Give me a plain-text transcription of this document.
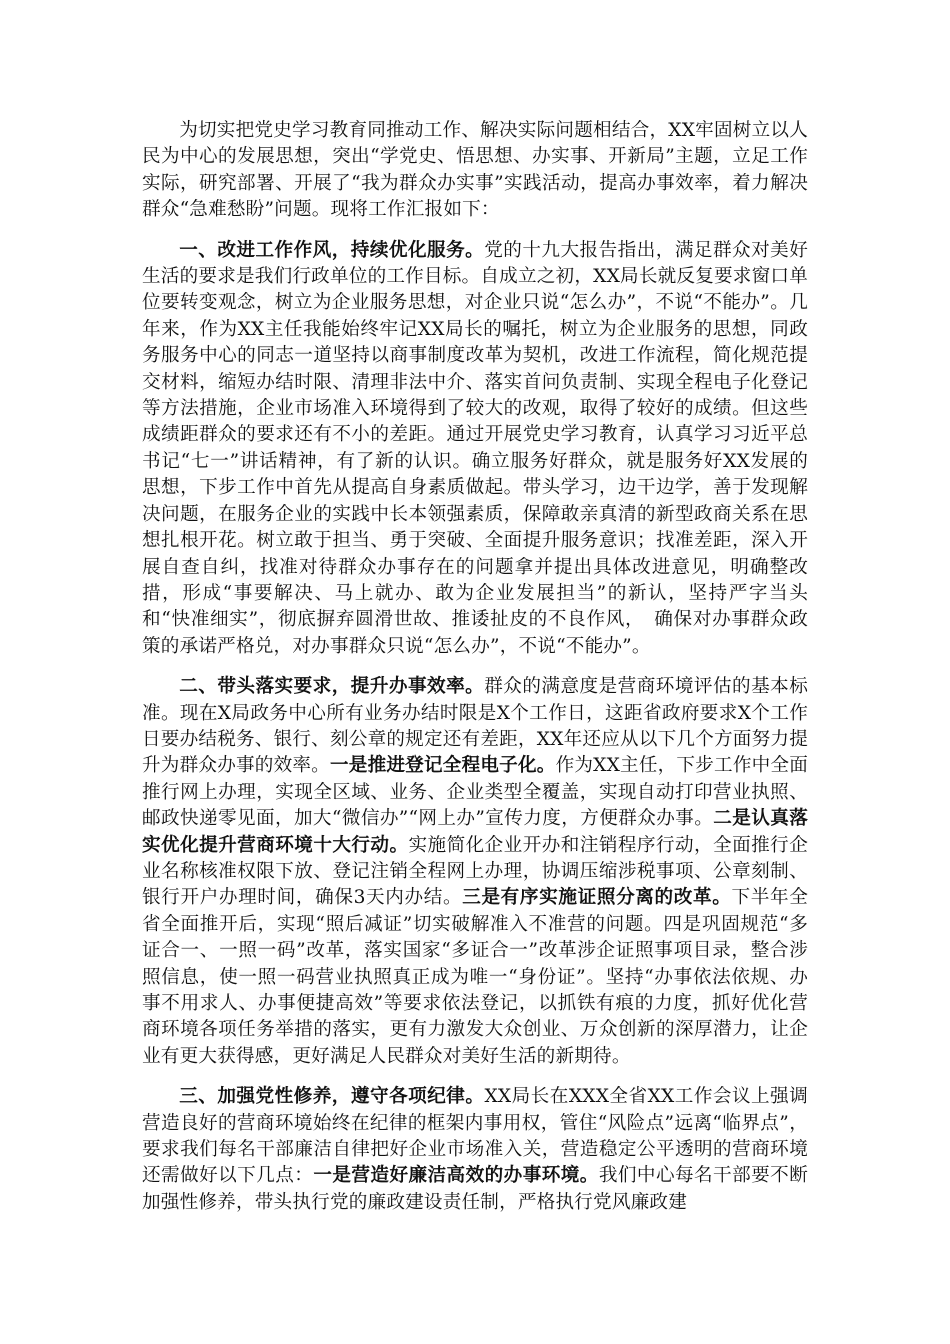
为切实把党史学习教育同推动工作、解决实际问题相结合，XX牢固树立以人民为中心的发展思想，突出“学党史、悟思想、办实事、开新局”主题，立足工作实际，研究部署、开展了“我为群众办实事”实践活动，提高办事效率，着力解决群众“急难愁盼”问题。现将工作汇报如下：

一、改进工作作风，持续优化服务。党的十九大报告指出，满足群众对美好生活的要求是我们行政单位的工作目标。自成立之初，XX局长就反复要求窗口单位要转变观念，树立为企业服务思想，对企业只说“怎么办”，不说“不能办”。几年来，作为XX主任我能始终牢记XX局长的嘱托，树立为企业服务的思想，同政务服务中心的同志一道坚持以商事制度改革为契机，改进工作流程，简化规范提交材料，缩短办结时限、清理非法中介、落实首问负责制、实现全程电子化登记等方法措施，企业市场准入环境得到了较大的改观，取得了较好的成绩。但这些成绩距群众的要求还有不小的差距。通过开展党史学习教育，认真学习习近平总书记“七一”讲话精神，有了新的认识。确立服务好群众，就是服务好XX发展的思想，下步工作中首先从提高自身素质做起。带头学习，边干边学，善于发现解决问题，在服务企业的实践中长本领强素质，保障敢亲真清的新型政商关系在思想扎根开花。树立敢于担当、勇于突破、全面提升服务意识；找准差距，深入开展自查自纠，找准对待群众办事存在的问题拿并提出具体改进意见，明确整改措，形成“事要解决、马上就办、敢为企业发展担当”的新认，坚持严字当头和“快准细实”，彻底摒弃圆滑世故、推诿扯皮的不良作风，　确保对办事群众政策的承诺严格兑，对办事群众只说“怎么办”，不说“不能办”。

二、带头落实要求，提升办事效率。群众的满意度是营商环境评估的基本标准。现在X局政务中心所有业务办结时限是X个工作日，这距省政府要求X个工作日要办结税务、银行、刻公章的规定还有差距，XX年还应从以下几个方面努力提升为群众办事的效率。一是推进登记全程电子化。作为XX主任，下步工作中全面推行网上办理，实现全区域、业务、企业类型全覆盖，实现自动打印营业执照、邮政快递零见面，加大“微信办”“网上办”宣传力度，方便群众办事。二是认真落实优化提升营商环境十大行动。实施简化企业开办和注销程序行动，全面推行企业名称核准权限下放、登记注销全程网上办理，协调压缩涉税事项、公章刻制、银行开户办理时间，确保3天内办结。三是有序实施证照分离的改革。下半年全省全面推开后，实现“照后减证”切实破解准入不准营的问题。四是巩固规范“多证合一、一照一码”改革，落实国家“多证合一”改革涉企证照事项目录，整合涉照信息，使一照一码营业执照真正成为唯一“身份证”。坚持“办事依法依规、办事不用求人、办事便捷高效”等要求依法登记，以抓铁有痕的力度，抓好优化营商环境各项任务举措的落实，更有力激发大众创业、万众创新的深厚潜力，让企业有更大获得感，更好满足人民群众对美好生活的新期待。

三、加强党性修养，遵守各项纪律。XX局长在XXX全省XX工作会议上强调营造良好的营商环境始终在纪律的框架内事用权，管住“风险点”远离“临界点”，要求我们每名干部廉洁自律把好企业市场准入关，营造稳定公平透明的营商环境还需做好以下几点：一是营造好廉洁高效的办事环境。我们中心每名干部要不断加强性修养，带头执行党的廉政建设责任制，严格执行党风廉政建
